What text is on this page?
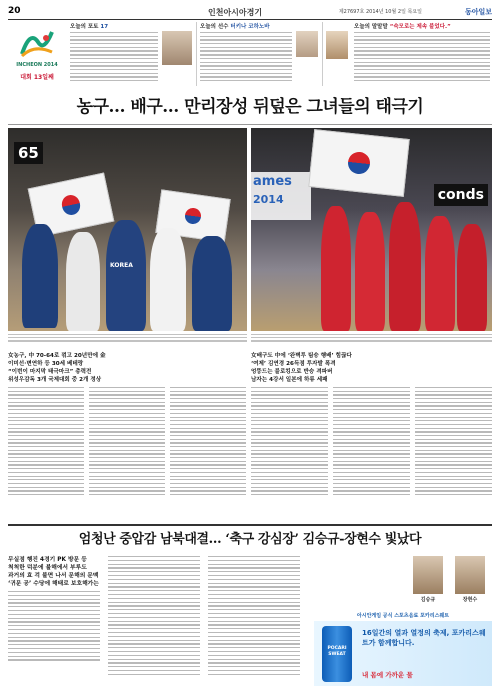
20	인천아시아경기	제27697호 2014년 10월 2일 목요일	동아일보
INCHEON 2014
대회 13일째
오늘의 포토 17	오늘의 선수 터키나 코하노바	오늘의 말말말 “숙모로는 제속 불었다.”
농구… 배구… 만리장성 뒤덮은 그녀들의 태극기
65
KOREA
conds
ames
2014
女농구, 中 70-64로 꺾고 20년만에 金
이미선·변연하 등 30세 베테랑
“이번이 마지막 태극마크” 총력전
위성우감독 3개 국제대회 중 2개 정상
女배구도 中에 ‘완벽투 팀승 행배’ 힘끊다
‘여제’ 김연경 26득점 투자발 폭격
엉뚱드는 블로킹으로 반승 격파버
남자는 4강서 일본에 하류 세패
엄청난 중압감 남북대결… ‘축구 강심장’ 김승규-장현수 빛났다
무실점 행진 4경기 PK 방문 등
척척한 덕분에 불해에서 부루도
과거의 효 걱 불면 나서 문해의 문맥
‘귀문 공’ 수당에 해태로 보호해가는
김승규	장현수
아시안게임 공식 스포츠음료 포카리스웨트
POCARI SWEAT
16일간의 열과 열정의 축제, 포카리스웨트가 함께합니다.
내 몸에 가까운 물
